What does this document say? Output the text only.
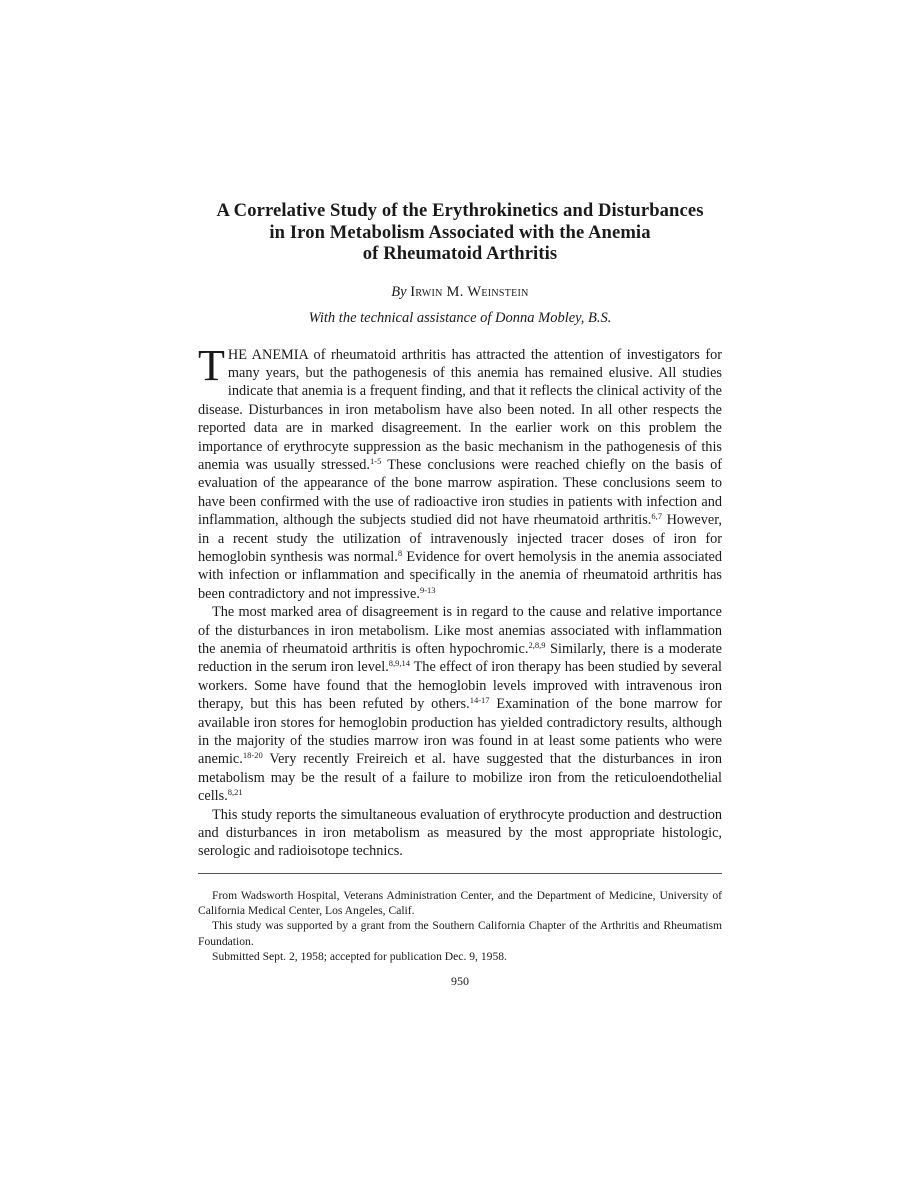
A Correlative Study of the Erythrokinetics and Disturbances
in Iron Metabolism Associated with the Anemia
of Rheumatoid Arthritis
By Irwin M. Weinstein
With the technical assistance of Donna Mobley, B.S.

THE ANEMIA of rheumatoid arthritis has attracted the attention of investigators for many years, but the pathogenesis of this anemia has remained elusive. All studies indicate that anemia is a frequent finding, and that it reflects the clinical activity of the disease. Disturbances in iron metabolism have also been noted. In all other respects the reported data are in marked disagreement. In the earlier work on this problem the importance of erythrocyte suppression as the basic mechanism in the pathogenesis of this anemia was usually stressed.$^{1-5}$ These conclusions were reached chiefly on the basis of evaluation of the appearance of the bone marrow aspiration. These conclusions seem to have been confirmed with the use of radioactive iron studies in patients with infection and inflammation, although the subjects studied did not have rheumatoid arthritis.$^{6,7}$ However, in a recent study the utilization of intravenously injected tracer doses of iron for hemoglobin synthesis was normal.$^8$ Evidence for overt hemolysis in the anemia associated with infection or inflammation and specifically in the anemia of rheumatoid arthritis has been contradictory and not impressive.$^{9-13}$

The most marked area of disagreement is in regard to the cause and relative importance of the disturbances in iron metabolism. Like most anemias associated with inflammation the anemia of rheumatoid arthritis is often hypochromic.$^{2,8,9}$ Similarly, there is a moderate reduction in the serum iron level.$^{8,9,14}$ The effect of iron therapy has been studied by several workers. Some have found that the hemoglobin levels improved with intravenous iron therapy, but this has been refuted by others.$^{14-17}$ Examination of the bone marrow for available iron stores for hemoglobin production has yielded contradictory results, although in the majority of the studies marrow iron was found in at least some patients who were anemic.$^{18-20}$ Very recently Freireich et al. have suggested that the disturbances in iron metabolism may be the result of a failure to mobilize iron from the reticuloendothelial cells.$^{8,21}$

This study reports the simultaneous evaluation of erythrocyte production and destruction and disturbances in iron metabolism as measured by the most appropriate histologic, serologic and radioisotope technics.

From Wadsworth Hospital, Veterans Administration Center, and the Department of Medicine, University of California Medical Center, Los Angeles, Calif.

This study was supported by a grant from the Southern California Chapter of the Arthritis and Rheumatism Foundation.

Submitted Sept. 2, 1958; accepted for publication Dec. 9, 1958.

950
